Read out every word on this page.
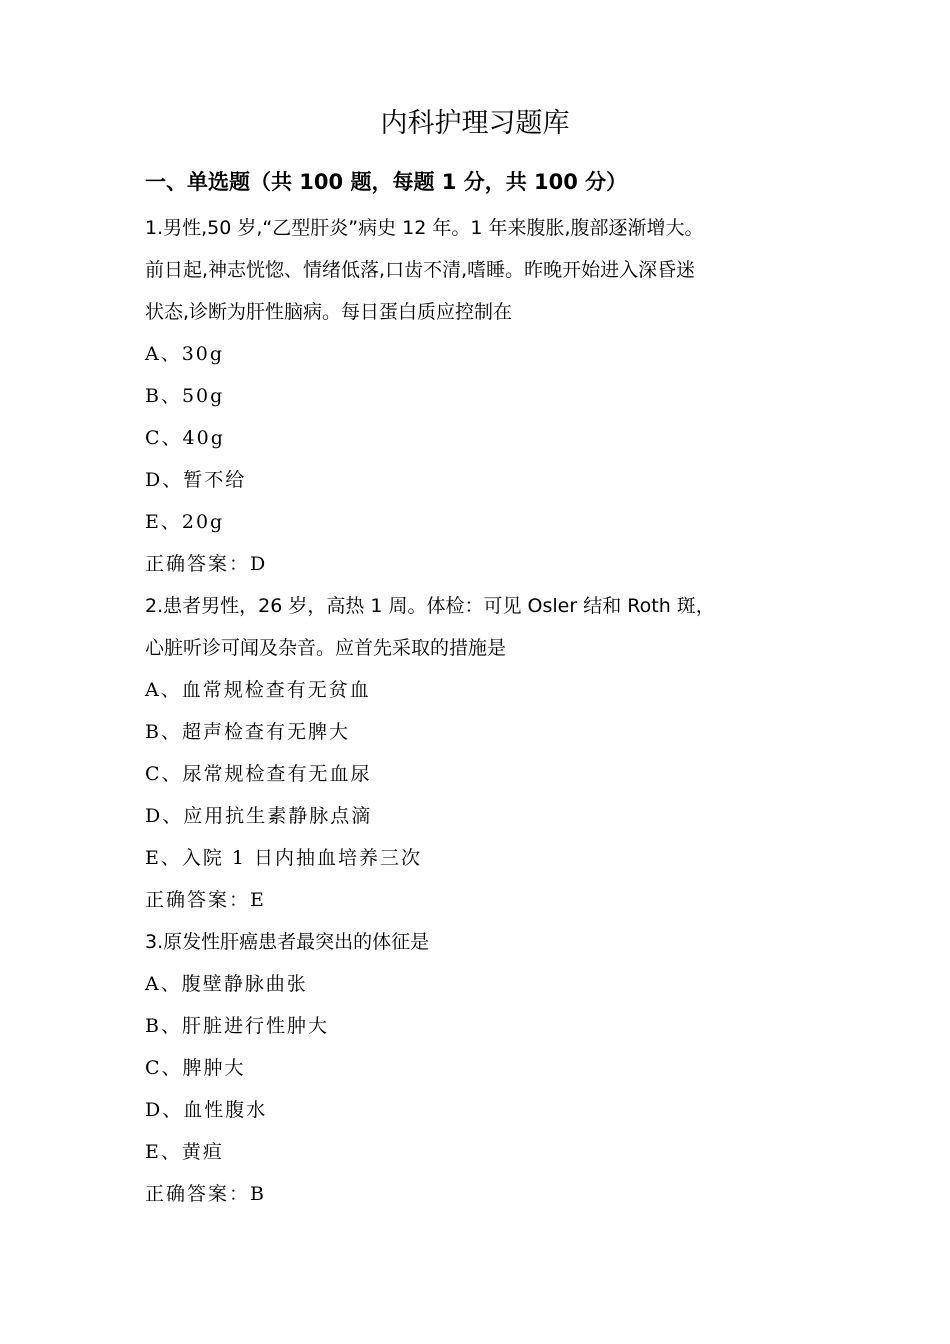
内科护理习题库
一、单选题（共 100 题，每题 1 分，共 100 分）
1.男性,50 岁,“乙型肝炎”病史 12 年。1 年来腹胀,腹部逐渐增大。
前日起,神志恍惚、情绪低落,口齿不清,嗜睡。昨晚开始进入深昏迷
状态,诊断为肝性脑病。每日蛋白质应控制在
A、30g
B、50g
C、40g
D、暂不给
E、20g
正确答案：D
2.患者男性，26 岁，高热 1 周。体检：可见 Osler 结和 Roth 斑，
心脏听诊可闻及杂音。应首先采取的措施是
A、血常规检查有无贫血
B、超声检查有无脾大
C、尿常规检查有无血尿
D、应用抗生素静脉点滴
E、入院 1 日内抽血培养三次
正确答案：E
3.原发性肝癌患者最突出的体征是
A、腹壁静脉曲张
B、肝脏进行性肿大
C、脾肿大
D、血性腹水
E、黄疸
正确答案：B
